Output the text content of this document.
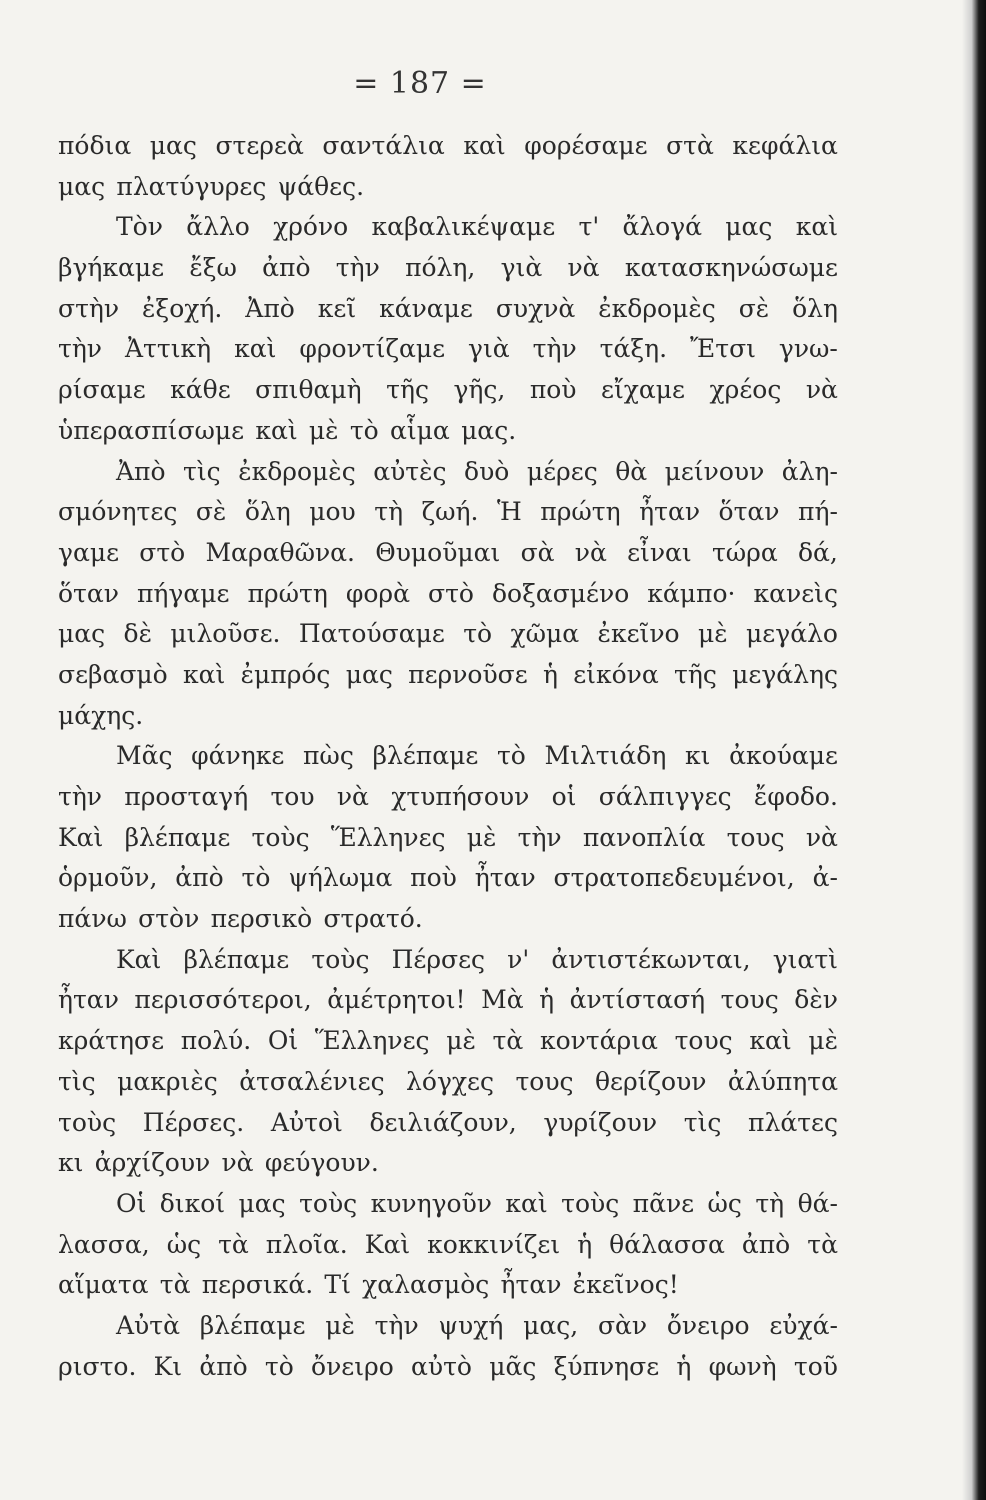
= 187 =
πόδια μας στερεὰ σαντάλια καὶ φορέσαμε στὰ κεφάλια
μας πλατύγυρες ψάθες.
Τὸν ἄλλο χρόνο καβαλικέψαμε τ' ἄλογά μας καὶ
βγήκαμε ἔξω ἀπὸ τὴν πόλη, γιὰ νὰ κατασκηνώσωμε
στὴν ἐξοχή. Ἀπὸ κεῖ κάναμε συχνὰ ἐκδρομὲς σὲ ὅλη
τὴν Ἀττικὴ καὶ φροντίζαμε γιὰ τὴν τάξη. Ἔτσι γνω-
ρίσαμε κάθε σπιθαμὴ τῆς γῆς, ποὺ εἴχαμε χρέος νὰ
ὑπερασπίσωμε καὶ μὲ τὸ αἷμα μας.
Ἀπὸ τὶς ἐκδρομὲς αὐτὲς δυὸ μέρες θὰ μείνουν ἀλη-
σμόνητες σὲ ὅλη μου τὴ ζωή. Ἡ πρώτη ἦταν ὅταν πή-
γαμε στὸ Μαραθῶνα. Θυμοῦμαι σὰ νὰ εἶναι τώρα δά,
ὅταν πήγαμε πρώτη φορὰ στὸ δοξασμένο κάμπο· κανεὶς
μας δὲ μιλοῦσε. Πατούσαμε τὸ χῶμα ἐκεῖνο μὲ μεγάλο
σεβασμὸ καὶ ἐμπρός μας περνοῦσε ἡ εἰκόνα τῆς μεγάλης
μάχης.
Μᾶς φάνηκε πὼς βλέπαμε τὸ Μιλτιάδη κι ἀκούαμε
τὴν προσταγή του νὰ χτυπήσουν οἱ σάλπιγγες ἔφοδο.
Καὶ βλέπαμε τοὺς Ἕλληνες μὲ τὴν πανοπλία τους νὰ
ὁρμοῦν, ἀπὸ τὸ ψήλωμα ποὺ ἦταν στρατοπεδευμένοι, ἀ-
πάνω στὸν περσικὸ στρατό.
Καὶ βλέπαμε τοὺς Πέρσες ν' ἀντιστέκωνται, γιατὶ
ἦταν περισσότεροι, ἀμέτρητοι! Μὰ ἡ ἀντίστασή τους δὲν
κράτησε πολύ. Οἱ Ἕλληνες μὲ τὰ κοντάρια τους καὶ μὲ
τὶς μακριὲς ἀτσαλένιες λόγχες τους θερίζουν ἀλύπητα
τοὺς Πέρσες. Αὐτοὶ δειλιάζουν, γυρίζουν τὶς πλάτες
κι ἀρχίζουν νὰ φεύγουν.
Οἱ δικοί μας τοὺς κυνηγοῦν καὶ τοὺς πᾶνε ὡς τὴ θά-
λασσα, ὡς τὰ πλοῖα. Καὶ κοκκινίζει ἡ θάλασσα ἀπὸ τὰ
αἵματα τὰ περσικά. Τί χαλασμὸς ἦταν ἐκεῖνος!
Αὐτὰ βλέπαμε μὲ τὴν ψυχή μας, σὰν ὄνειρο εὐχά-
ριστο. Κι ἀπὸ τὸ ὄνειρο αὐτὸ μᾶς ξύπνησε ἡ φωνὴ τοῦ
